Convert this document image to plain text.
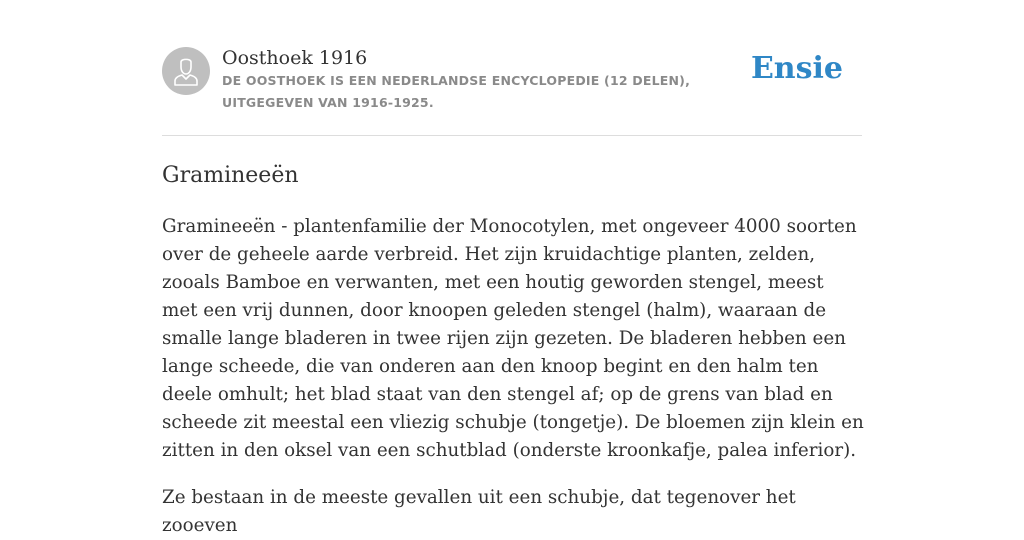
Oosthoek 1916
DE OOSTHOEK IS EEN NEDERLANDSE ENCYCLOPEDIE (12 DELEN), UITGEGEVEN VAN 1916-1925.
Ensie
Gramineeën

Gramineeën - plantenfamilie der Monocotylen, met ongeveer 4000 soorten over de geheele aarde verbreid. Het zijn kruidachtige planten, zelden, zooals Bamboe en verwanten, met een houtig geworden stengel, meest met een vrij dunnen, door knoopen geleden stengel (halm), waaraan de smalle lange bladeren in twee rijen zijn gezeten. De bladeren hebben een lange scheede, die van onderen aan den knoop begint en den halm ten deele omhult; het blad staat van den stengel af; op de grens van blad en scheede zit meestal een vliezig schubje (tongetje). De bloemen zijn klein en zitten in den oksel van een schutblad (onderste kroonkafje, palea inferior).

Ze bestaan in de meeste gevallen uit een schubje, dat tegenover het zooeven
